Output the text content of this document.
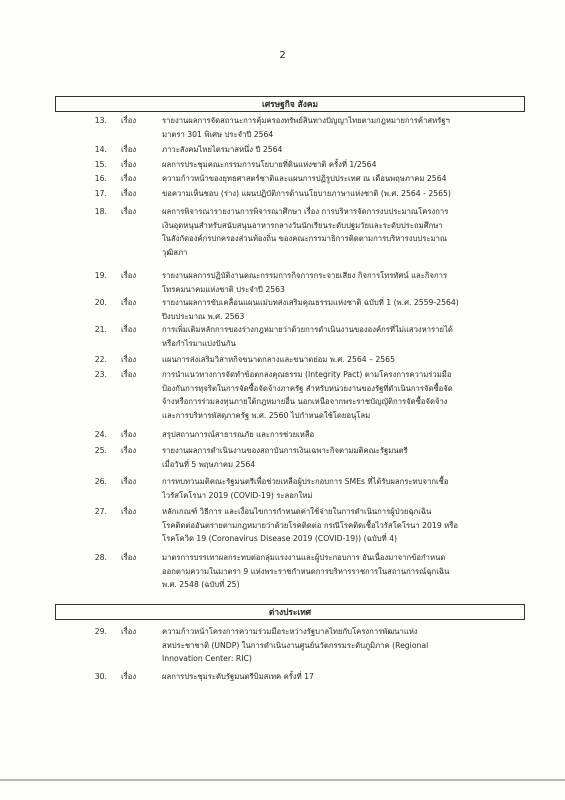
2
เศรษฐกิจ สังคม
ต่างประเทศ
13. เรื่อง	รายงานผลการจัดสถานะการคุ้มครองทรัพย์สินทางปัญญาไทยตามกฎหมายการค้าสหรัฐฯ
มาตรา 301 พิเศษ ประจำปี 2564
14. เรื่อง	ภาวะสังคมไทยไตรมาสหนึ่ง ปี 2564
15. เรื่อง	ผลการประชุมคณะกรรมการนโยบายที่ดินแห่งชาติ ครั้งที่ 1/2564
16. เรื่อง	ความก้าวหน้าของยุทธศาสตร์ชาติและแผนการปฏิรูปประเทศ ณ เดือนพฤษภาคม 2564
17. เรื่อง	ขอความเห็นชอบ (ร่าง) แผนปฏิบัติการด้านนโยบายภาษาแห่งชาติ (พ.ศ. 2564 - 2565)
18. เรื่อง	ผลการพิจารณารายงานการพิจารณาศึกษา เรื่อง การบริหารจัดการงบประมาณโครงการ
เงินอุดหนุนสำหรับสนับสนุนอาหารกลางวันนักเรียนระดับปฐมวัยและระดับประถมศึกษา
ในสังกัดองค์กรปกครองส่วนท้องถิ่น ของคณะกรรมาธิการติดตามการบริหารงบประมาณ
วุฒิสภา
19. เรื่อง	รายงานผลการปฏิบัติงานคณะกรรมการกิจการกระจายเสียง กิจการโทรทัศน์ และกิจการ
โทรคมนาคมแห่งชาติ ประจำปี 2563
20. เรื่อง	รายงานผลการขับเคลื่อนแผนแม่บทส่งเสริมคุณธรรมแห่งชาติ ฉบับที่ 1 (พ.ศ. 2559-2564)
ปีงบประมาณ พ.ศ. 2563
21. เรื่อง	การเพิ่มเติมหลักการของร่างกฎหมายว่าด้วยการดำเนินงานขององค์กรที่ไม่แสวงหารายได้
หรือกำไรมาแบ่งปันกัน
22. เรื่อง	แผนการส่งเสริมวิสาหกิจขนาดกลางและขนาดย่อม พ.ศ. 2564 – 2565
23. เรื่อง	การนำแนวทางการจัดทำข้อตกลงคุณธรรม (Integrity Pact) ตามโครงการความร่วมมือ
ป้องกันการทุจริตในการจัดซื้อจัดจ้างภาครัฐ สำหรับหน่วยงานของรัฐที่ดำเนินการจัดซื้อจัด
จ้างหรือการร่วมลงทุนภายใต้กฎหมายอื่น นอกเหนือจากพระราชบัญญัติการจัดซื้อจัดจ้าง
และการบริหารพัสดุภาครัฐ พ.ศ. 2560 ไปกำหนดใช้โดยอนุโลม
24. เรื่อง	สรุปสถานการณ์สาธารณภัย และการช่วยเหลือ
25. เรื่อง	รายงานผลการดำเนินงานของสถาบันการเงินเฉพาะกิจตามมติคณะรัฐมนตรี
เมื่อวันที่ 5 พฤษภาคม 2564
26. เรื่อง	การทบทวนมติคณะรัฐมนตรีเพื่อช่วยเหลือผู้ประกอบการ SMEs ที่ได้รับผลกระทบจากเชื้อ
ไวรัสโคโรนา 2019 (COVID-19) ระลอกใหม่
27. เรื่อง	หลักเกณฑ์ วิธีการ และเงื่อนไขการกำหนดค่าใช้จ่ายในการดำเนินการผู้ป่วยฉุกเฉิน
โรคติดต่ออันตรายตามกฎหมายว่าด้วยโรคติดต่อ กรณีโรคติดเชื้อไวรัสโคโรนา 2019 หรือ
โรคโควิด 19 (Coronavirus Disease 2019 (COVID-19)) (ฉบับที่ 4)
28. เรื่อง	มาตรการบรรเทาผลกระทบต่อกลุ่มแรงงานและผู้ประกอบการ อันเนื่องมาจากข้อกำหนด
ออกตามความในมาตรา 9 แห่งพระราชกำหนดการบริหารราชการในสถานการณ์ฉุกเฉิน
พ.ศ. 2548 (ฉบับที่ 25)
29. เรื่อง	ความก้าวหน้าโครงการความร่วมมือระหว่างรัฐบาลไทยกับโครงการพัฒนาแห่ง
สหประชาชาติ (UNDP) ในการดำเนินงานศูนย์นวัตกรรมระดับภูมิภาค (Regional
Innovation Center: RIC)
30. เรื่อง	ผลการประชุมระดับรัฐมนตรีบิมสเทค ครั้งที่ 17
